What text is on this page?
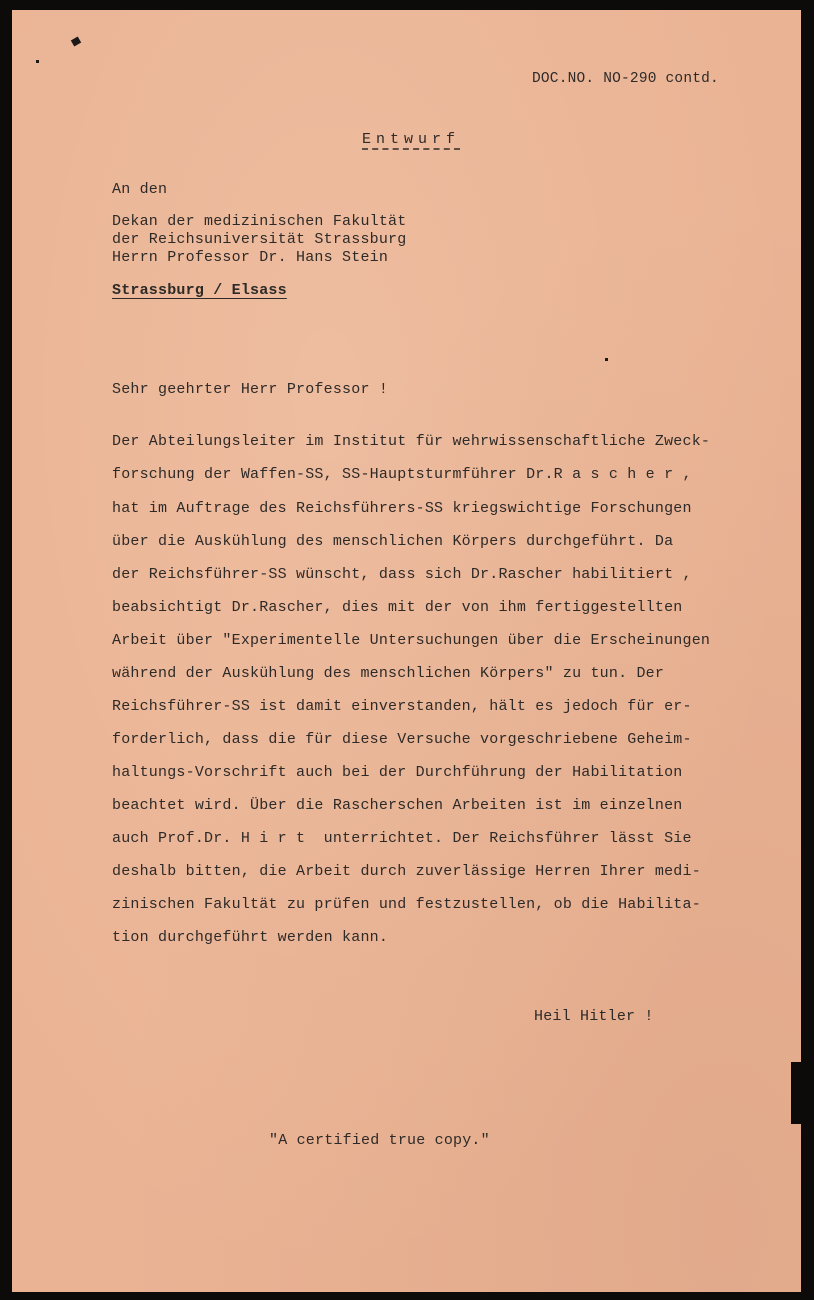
DOC.NO. NO-290 contd.
Entwurf
An den
Dekan der medizinischen Fakultät
der Reichsuniversität Strassburg
Herrn Professor Dr. Hans Stein
Strassburg / Elsass
Sehr geehrter Herr Professor !
Der Abteilungsleiter im Institut für wehrwissenschaftliche Zweck-
forschung der Waffen-SS, SS-Hauptsturmführer Dr.R a s c h e r ,
hat im Auftrage des Reichsführers-SS kriegswichtige Forschungen
über die Auskühlung des menschlichen Körpers durchgeführt. Da
der Reichsführer-SS wünscht, dass sich Dr.Rascher habilitiert ,
beabsichtigt Dr.Rascher, dies mit der von ihm fertiggestellten
Arbeit über "Experimentelle Untersuchungen über die Erscheinungen
während der Auskühlung des menschlichen Körpers" zu tun. Der
Reichsführer-SS ist damit einverstanden, hält es jedoch für er-
forderlich, dass die für diese Versuche vorgeschriebene Geheim-
haltungs-Vorschrift auch bei der Durchführung der Habilitation
beachtet wird. Über die Rascherschen Arbeiten ist im einzelnen
auch Prof.Dr. H i r t  unterrichtet. Der Reichsführer lässt Sie
deshalb bitten, die Arbeit durch zuverlässige Herren Ihrer medi-
zinischen Fakultät zu prüfen und festzustellen, ob die Habilita-
tion durchgeführt werden kann.
Heil Hitler !
"A certified true copy."
